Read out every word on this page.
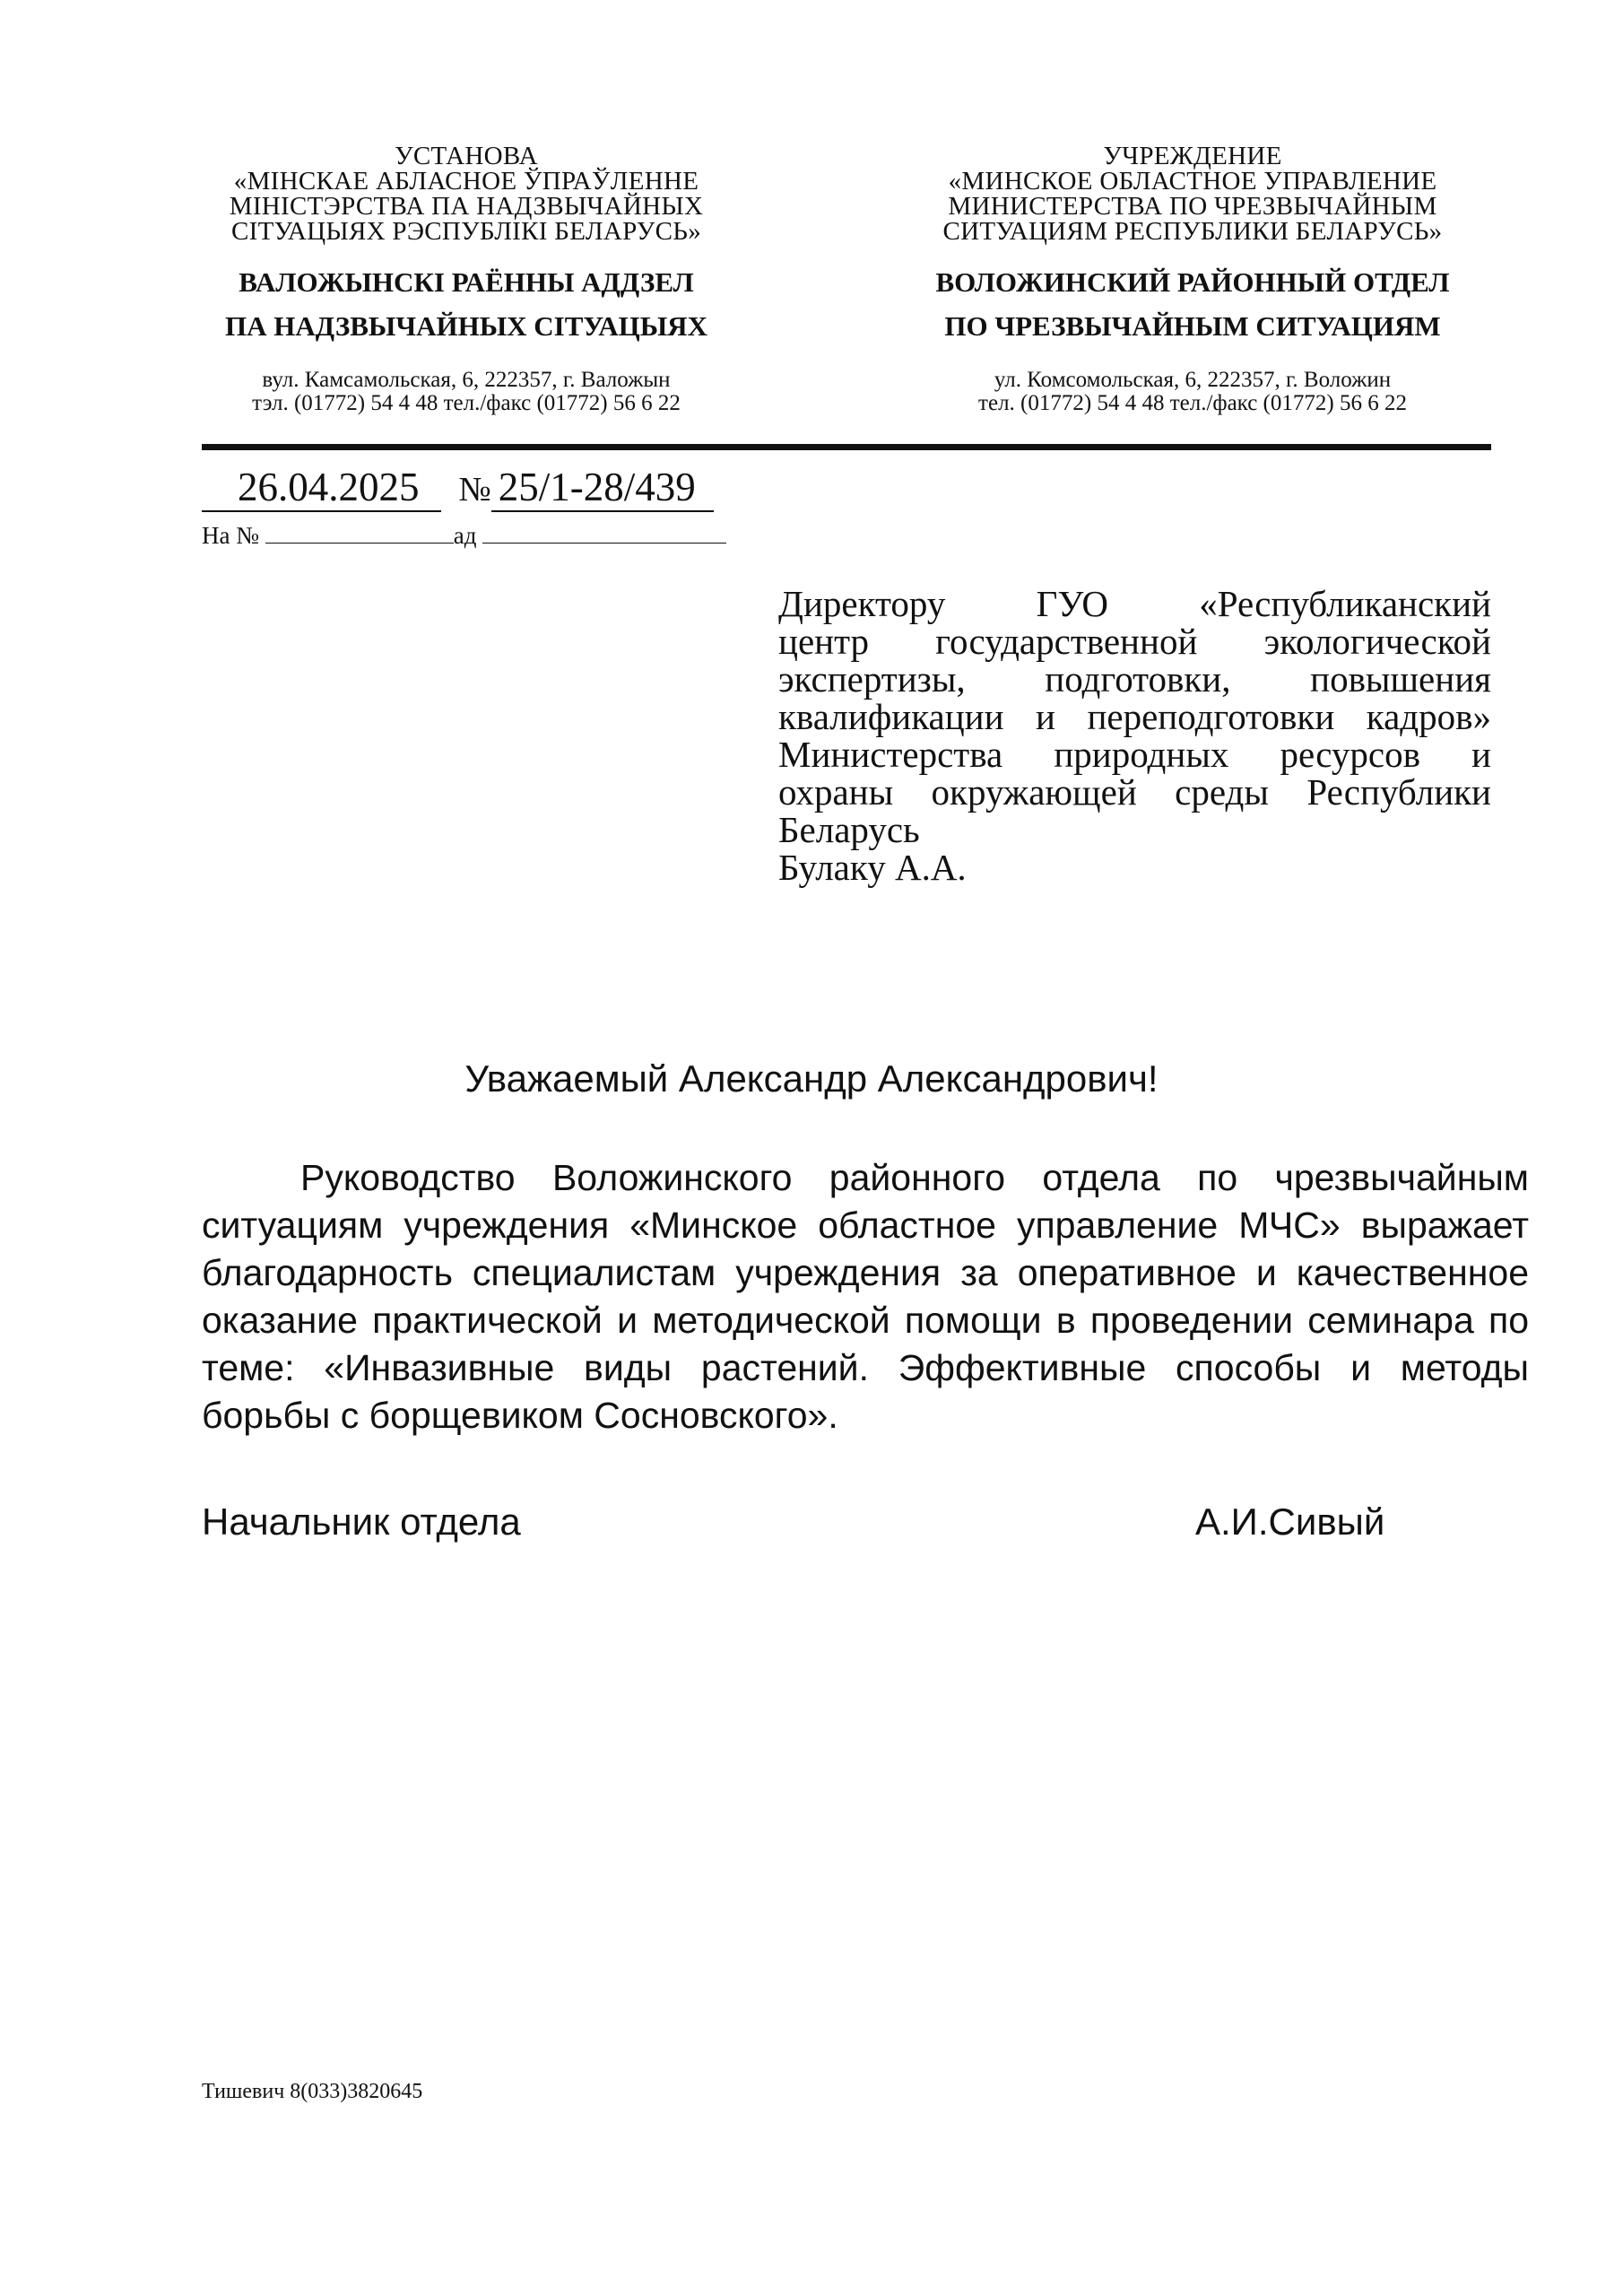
УСТАНОВА
«МІНСКАЕ АБЛАСНОЕ ЎПРАЎЛЕННЕ
МІНІСТЭРСТВА ПА НАДЗВЫЧАЙНЫХ
СІТУАЦЫЯХ РЭСПУБЛІКІ БЕЛАРУСЬ»
ВАЛОЖЫНСКІ РАЁННЫ АДДЗЕЛ
ПА НАДЗВЫЧАЙНЫХ СІТУАЦЫЯХ
вул. Камсамольская, 6, 222357, г. Валожын
тэл. (01772) 54 4 48 тел./факс (01772) 56 6 22
УЧРЕЖДЕНИЕ
«МИНСКОЕ ОБЛАСТНОЕ УПРАВЛЕНИЕ
МИНИСТЕРСТВА ПО ЧРЕЗВЫЧАЙНЫМ
СИТУАЦИЯМ РЕСПУБЛИКИ БЕЛАРУСЬ»
ВОЛОЖИНСКИЙ РАЙОННЫЙ ОТДЕЛ
ПО ЧРЕЗВЫЧАЙНЫМ СИТУАЦИЯМ
ул. Комсомольская, 6, 222357, г. Воложин
тел. (01772) 54 4 48 тел./факс (01772) 56 6 22
26.04.2025 № 25/1-28/439
На №	ад
Директору ГУО «Республиканский
центр государственной экологической
экспертизы, подготовки, повышения
квалификации и переподготовки кадров»
Министерства природных ресурсов и
охраны окружающей среды Республики
Беларусь
Булаку А.А.
Уважаемый Александр Александрович!
Руководство Воложинского районного отдела по чрезвычайным ситуациям учреждения «Минское областное управление МЧС» выражает благодарность специалистам учреждения за оперативное и качественное оказание практической и методической помощи в проведении семинара по теме: «Инвазивные виды растений. Эффективные способы и методы борьбы с борщевиком Сосновского».
Начальник отдела	А.И.Сивый
Тишевич 8(033)3820645
